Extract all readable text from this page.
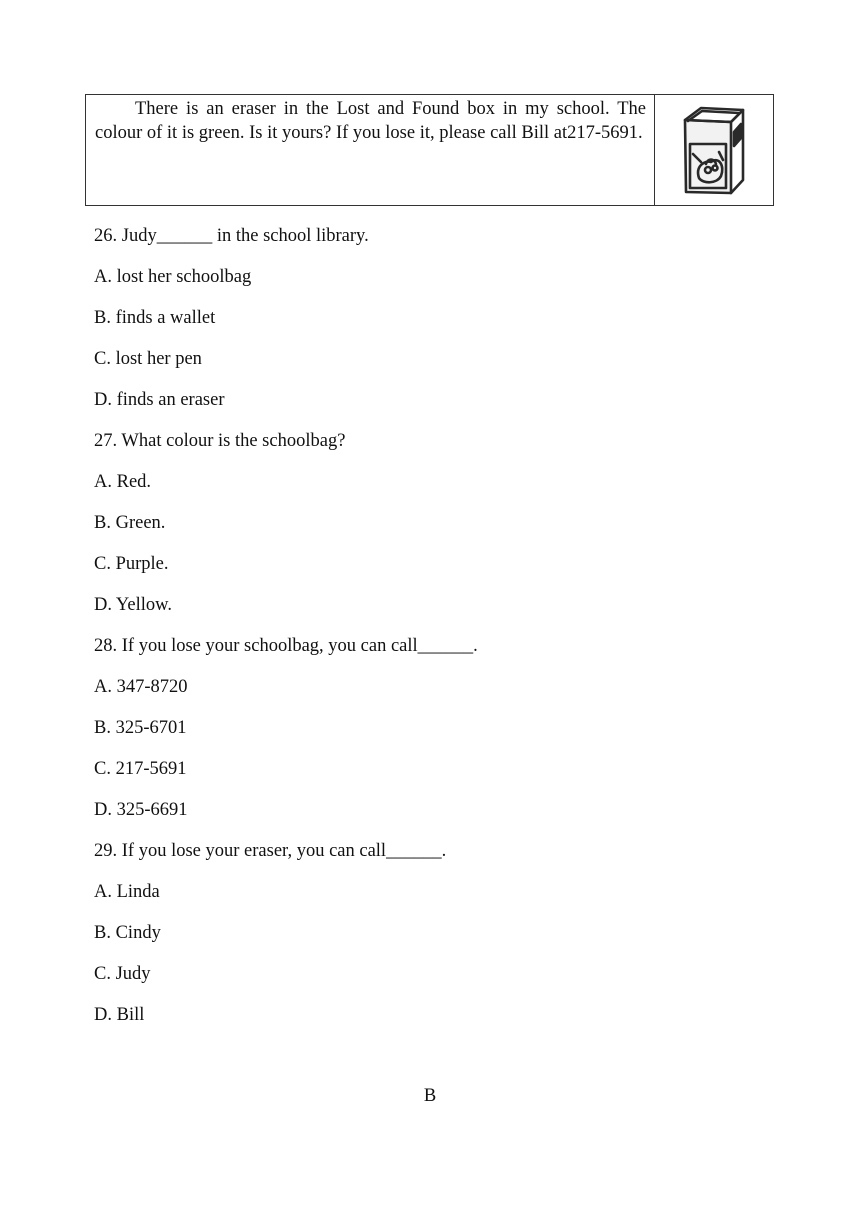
There is an eraser in the Lost and Found box in my school. The colour of it is green. Is it yours? If you lose it, please call Bill at217-5691.
26. Judy______ in the school library.
A. lost her schoolbag
B. finds a wallet
C. lost her pen
D. finds an eraser
27. What colour is the schoolbag?
A. Red.
B. Green.
C. Purple.
D. Yellow.
28. If you lose your schoolbag, you can call______.
A. 347-8720
B. 325-6701
C. 217-5691
D. 325-6691
29. If you lose your eraser, you can call______.
A. Linda
B. Cindy
C. Judy
D. Bill
B
